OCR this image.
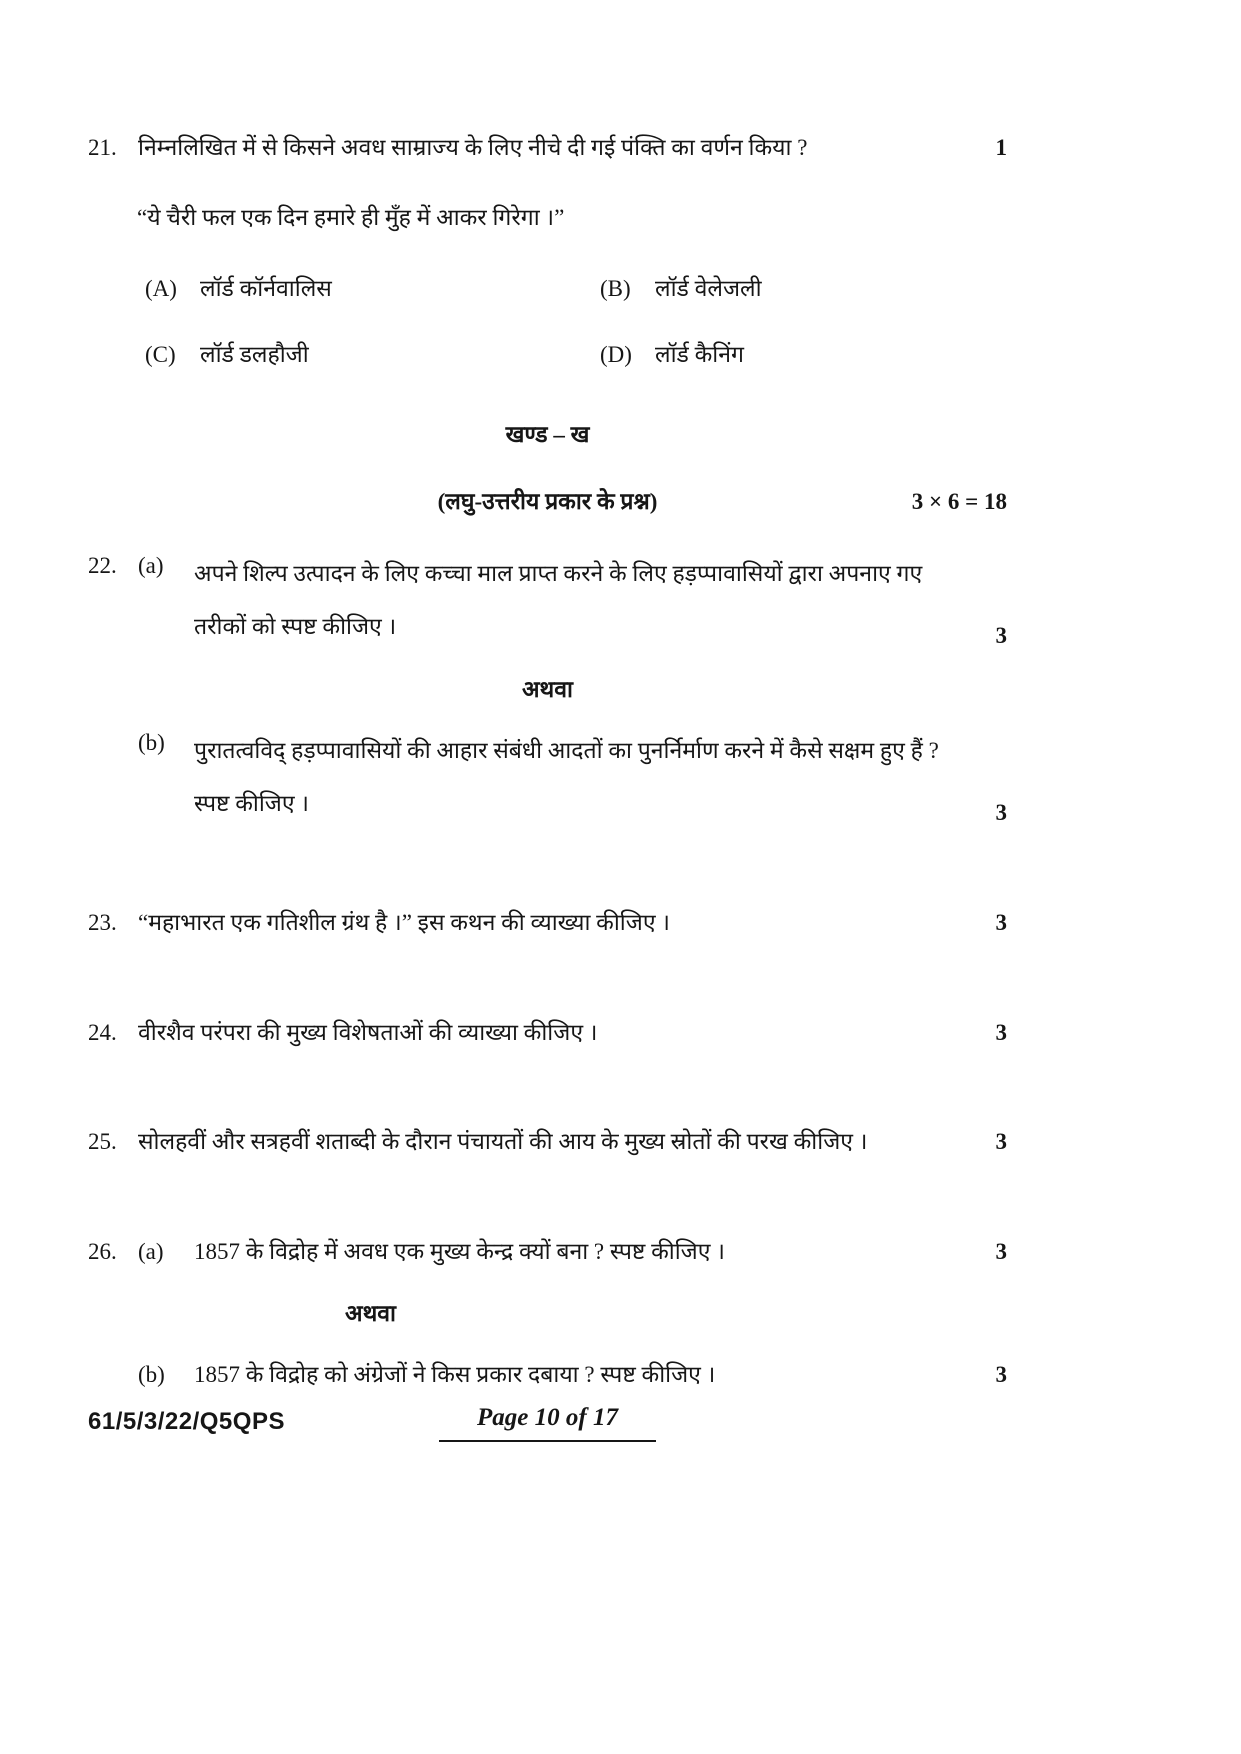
21. निम्नलिखित में से किसने अवध साम्राज्य के लिए नीचे दी गई पंक्ति का वर्णन किया ?	1
“ये चैरी फल एक दिन हमारे ही मुँह में आकर गिरेगा ।”
(A)	लॉर्ड कॉर्नवालिस	(B)	लॉर्ड वेलेजली
(C)	लॉर्ड डलहौजी	(D)	लॉर्ड कैनिंग
खण्ड – ख
(लघु-उत्तरीय प्रकार के प्रश्न)	3 × 6 = 18
22. (a)	अपने शिल्प उत्पादन के लिए कच्चा माल प्राप्त करने के लिए हड़प्पावासियों द्वारा अपनाए गए तरीकों को स्पष्ट कीजिए ।	3
अथवा
(b)	पुरातत्वविद् हड़प्पावासियों की आहार संबंधी आदतों का पुनर्निर्माण करने में कैसे सक्षम हुए हैं ? स्पष्ट कीजिए ।	3
23. “महाभारत एक गतिशील ग्रंथ है ।” इस कथन की व्याख्या कीजिए ।	3
24. वीरशैव परंपरा की मुख्य विशेषताओं की व्याख्या कीजिए ।	3
25. सोलहवीं और सत्रहवीं शताब्दी के दौरान पंचायतों की आय के मुख्य स्रोतों की परख कीजिए ।	3
26. (a)	1857 के विद्रोह में अवध एक मुख्य केन्द्र क्यों बना ? स्पष्ट कीजिए ।	3
अथवा
(b)	1857 के विद्रोह को अंग्रेजों ने किस प्रकार दबाया ? स्पष्ट कीजिए ।	3
61/5/3/22/Q5QPS	Page 10 of 17
